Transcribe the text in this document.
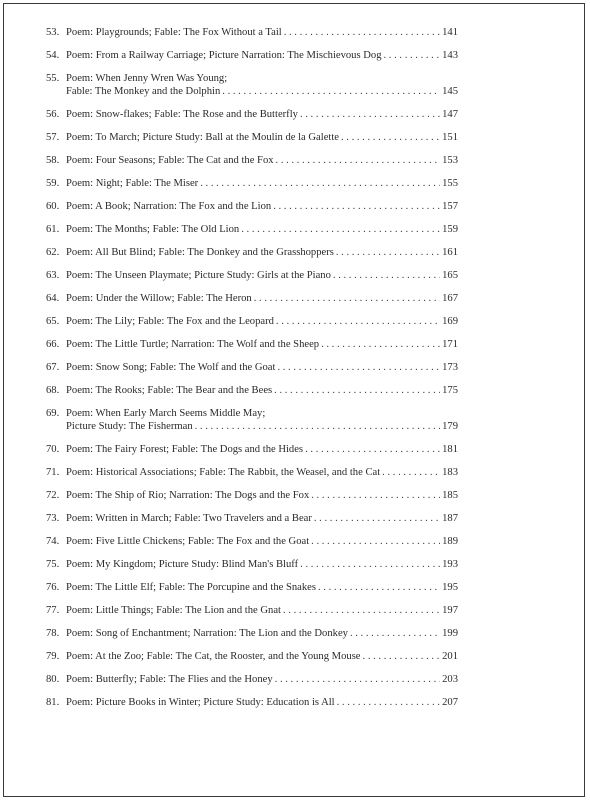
53. Poem: Playgrounds; Fable: The Fox Without a Tail . . .	141
54. Poem: From a Railway Carriage; Picture Narration: The Mischievous Dog . . .	143
55. Poem: When Jenny Wren Was Young;
Fable: The Monkey and the Dolphin . . .	145
56. Poem: Snow-flakes; Fable: The Rose and the Butterfly . . .	147
57. Poem: To March; Picture Study: Ball at the Moulin de la Galette . . .	151
58. Poem: Four Seasons; Fable: The Cat and the Fox . . .	153
59. Poem: Night; Fable: The Miser . . .	155
60. Poem: A Book; Narration: The Fox and the Lion . . .	157
61. Poem: The Months; Fable: The Old Lion . . .	159
62. Poem: All But Blind; Fable: The Donkey and the Grasshoppers . . .	161
63. Poem: The Unseen Playmate; Picture Study: Girls at the Piano . . .	165
64. Poem: Under the Willow; Fable: The Heron . . .	167
65. Poem: The Lily; Fable: The Fox and the Leopard . . .	169
66. Poem: The Little Turtle; Narration: The Wolf and the Sheep . . .	171
67. Poem: Snow Song; Fable: The Wolf and the Goat . . .	173
68. Poem: The Rooks; Fable: The Bear and the Bees . . .	175
69. Poem: When Early March Seems Middle May;
Picture Study: The Fisherman . . .	179
70. Poem: The Fairy Forest; Fable: The Dogs and the Hides . . .	181
71. Poem: Historical Associations; Fable: The Rabbit, the Weasel, and the Cat . . .	183
72. Poem: The Ship of Rio; Narration: The Dogs and the Fox . . .	185
73. Poem: Written in March; Fable: Two Travelers and a Bear . . .	187
74. Poem: Five Little Chickens; Fable: The Fox and the Goat . . .	189
75. Poem: My Kingdom; Picture Study: Blind Man's Bluff . . .	193
76. Poem: The Little Elf; Fable: The Porcupine and the Snakes . . .	195
77. Poem: Little Things; Fable: The Lion and the Gnat . . .	197
78. Poem: Song of Enchantment; Narration: The Lion and the Donkey . . .	199
79. Poem: At the Zoo; Fable: The Cat, the Rooster, and the Young Mouse . . .	201
80. Poem: Butterfly; Fable: The Flies and the Honey . . .	203
81. Poem: Picture Books in Winter; Picture Study: Education is All . . .	207
